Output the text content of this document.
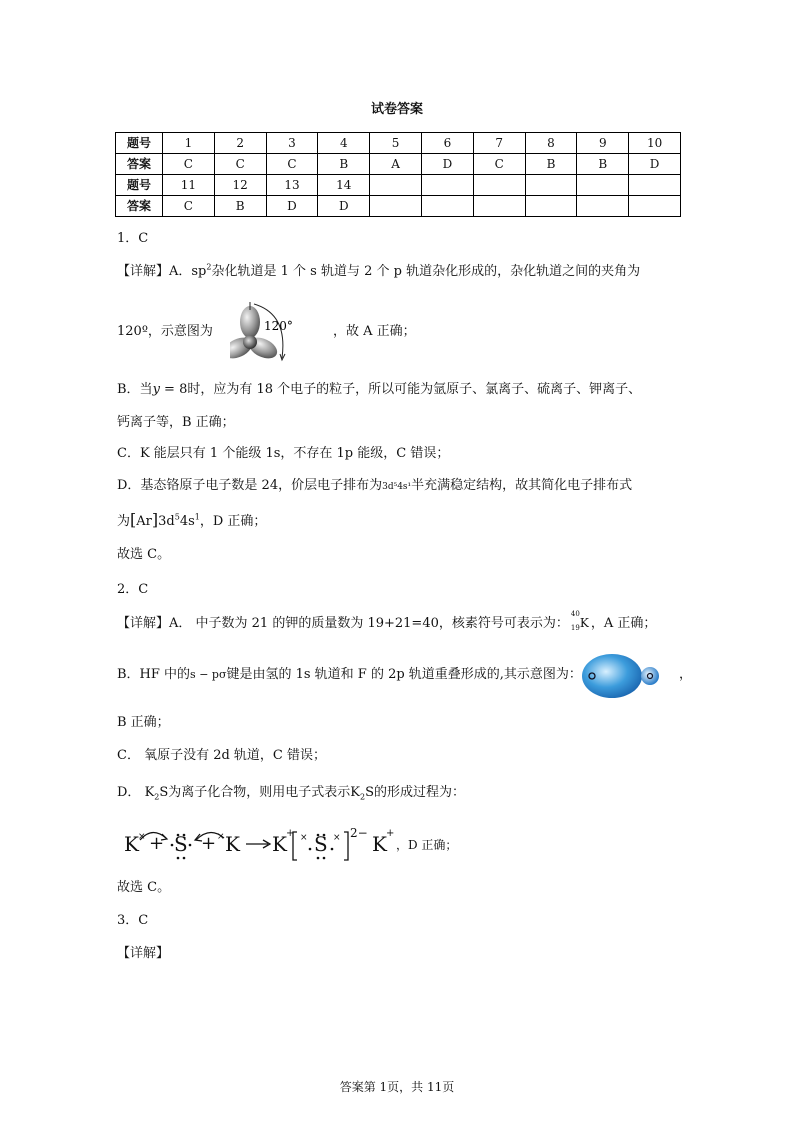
试卷答案
题号	1	2	3	4	5	6	7	8	9	10
答案	C	C	C	B	A	D	C	B	B	D
题号	11	12	13	14						
答案	C	B	D	D						
1．C
【详解】A．$sp^2$杂化轨道是 1 个 s 轨道与 2 个 p 轨道杂化形成的，杂化轨道之间的夹角为
120º，示意图为	，故 A 正确；
120°
B．当y = 8时，应为有 18 个电子的粒子，所以可能为氩原子、氯离子、硫离子、钾离子、
钙离子等，B 正确；
C．K 能层只有 1 个能级 1s，不存在 1p 能级，C 错误；
D．基态铬原子电子数是 24，价层电子排布为3d⁵4s¹半充满稳定结构，故其简化电子排布式
为$[Ar]3d^54s^1$，D 正确；
故选 C。
2．C
【详解】A． 中子数为 21 的钾的质量数为 19+21=40，核素符号可表示为：
40
19 K ，A 正确；
B．HF 中的s − pσ键是由氢的 1s 轨道和 F 的 2p 轨道重叠形成的,其示意图为：	，
B 正确；
C． 氧原子没有 2d 轨道，C 错误；
D． $K_2S$为离子化合物，则用电子式表示$K_2S$的形成过程为：
K × + S + × K K + × S × 2− K +
，D 正确；
故选 C。
3．C
【详解】
答案第 1页，共 11页
